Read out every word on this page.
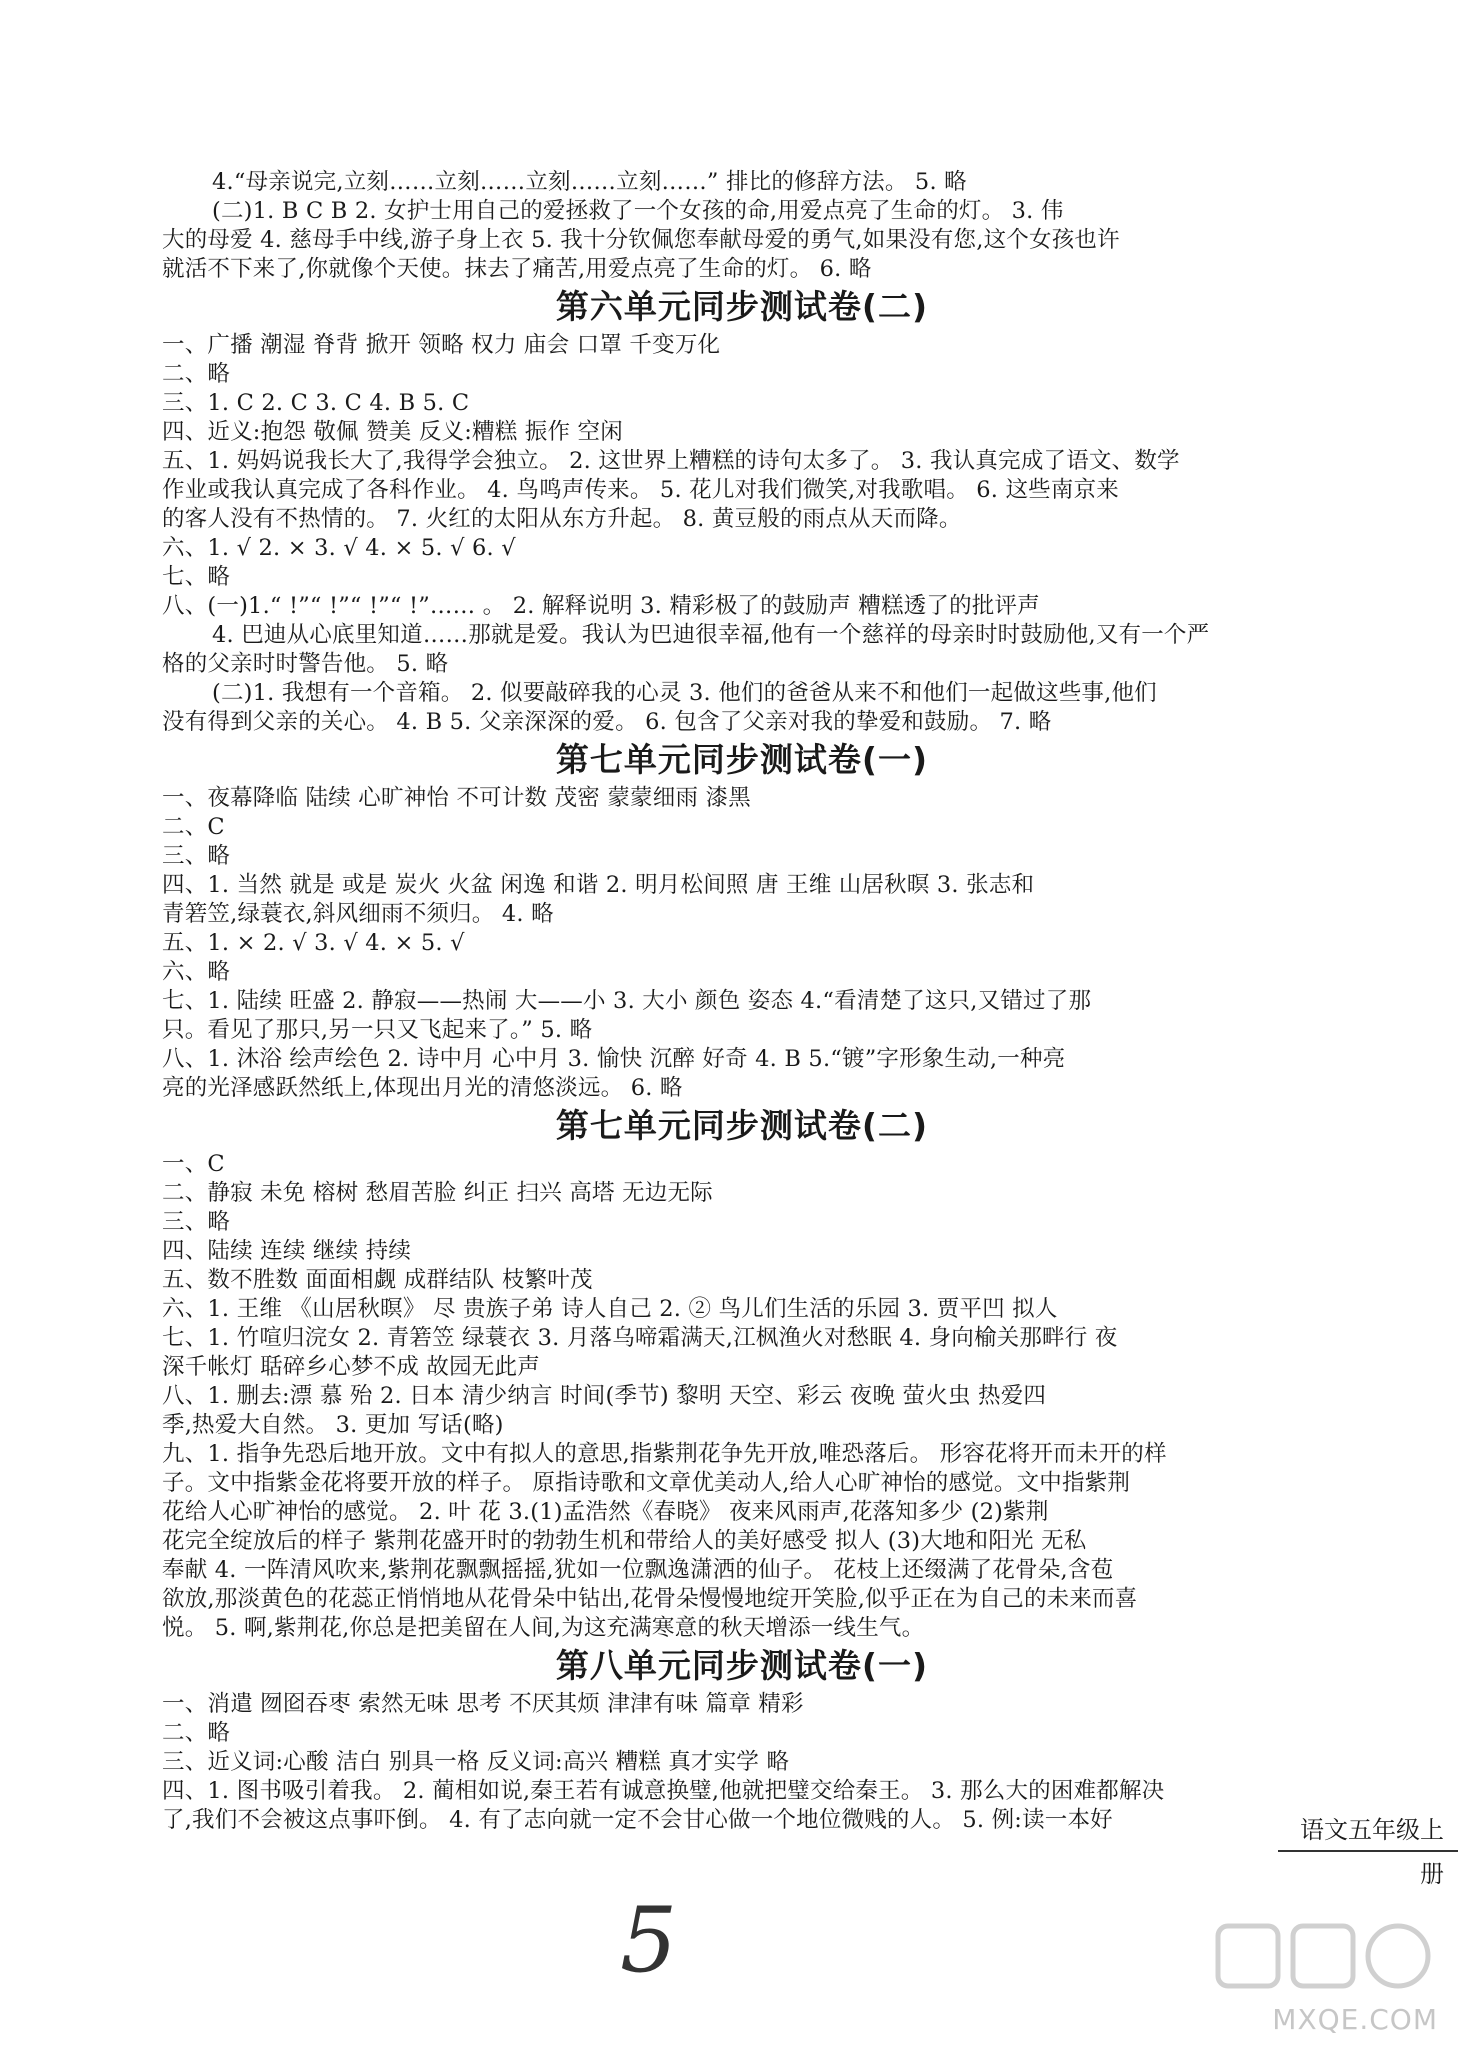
4.“母亲说完,立刻……立刻……立刻……立刻……” 排比的修辞方法。 5. 略
(二)1. B C B 2. 女护士用自己的爱拯救了一个女孩的命,用爱点亮了生命的灯。 3. 伟
大的母爱 4. 慈母手中线,游子身上衣 5. 我十分钦佩您奉献母爱的勇气,如果没有您,这个女孩也许
就活不下来了,你就像个天使。抹去了痛苦,用爱点亮了生命的灯。 6. 略
第六单元同步测试卷(二)
一、广播 潮湿 脊背 掀开 领略 权力 庙会 口罩 千变万化
二、略
三、1. C 2. C 3. C 4. B 5. C
四、近义:抱怨 敬佩 赞美 反义:糟糕 振作 空闲
五、1. 妈妈说我长大了,我得学会独立。 2. 这世界上糟糕的诗句太多了。 3. 我认真完成了语文、数学
作业或我认真完成了各科作业。 4. 鸟鸣声传来。 5. 花儿对我们微笑,对我歌唱。 6. 这些南京来
的客人没有不热情的。 7. 火红的太阳从东方升起。 8. 黄豆般的雨点从天而降。
六、1. √ 2. × 3. √ 4. × 5. √ 6. √
七、略
八、(一)1.“ !”“ !”“ !”“ !”…… 。 2. 解释说明 3. 精彩极了的鼓励声 糟糕透了的批评声
4. 巴迪从心底里知道……那就是爱。我认为巴迪很幸福,他有一个慈祥的母亲时时鼓励他,又有一个严
格的父亲时时警告他。 5. 略
(二)1. 我想有一个音箱。 2. 似要敲碎我的心灵 3. 他们的爸爸从来不和他们一起做这些事,他们
没有得到父亲的关心。 4. B 5. 父亲深深的爱。 6. 包含了父亲对我的挚爱和鼓励。 7. 略
第七单元同步测试卷(一)
一、夜幕降临 陆续 心旷神怡 不可计数 茂密 蒙蒙细雨 漆黑
二、C
三、略
四、1. 当然 就是 或是 炭火 火盆 闲逸 和谐 2. 明月松间照 唐 王维 山居秋暝 3. 张志和
青箬笠,绿蓑衣,斜风细雨不须归。 4. 略
五、1. × 2. √ 3. √ 4. × 5. √
六、略
七、1. 陆续 旺盛 2. 静寂——热闹 大——小 3. 大小 颜色 姿态 4.“看清楚了这只,又错过了那
只。看见了那只,另一只又飞起来了。” 5. 略
八、1. 沐浴 绘声绘色 2. 诗中月 心中月 3. 愉快 沉醉 好奇 4. B 5.“镀”字形象生动,一种亮
亮的光泽感跃然纸上,体现出月光的清悠淡远。 6. 略
第七单元同步测试卷(二)
一、C
二、静寂 未免 榕树 愁眉苦脸 纠正 扫兴 高塔 无边无际
三、略
四、陆续 连续 继续 持续
五、数不胜数 面面相觑 成群结队 枝繁叶茂
六、1. 王维 《山居秋暝》 尽 贵族子弟 诗人自己 2. ② 鸟儿们生活的乐园 3. 贾平凹 拟人
七、1. 竹喧归浣女 2. 青箬笠 绿蓑衣 3. 月落乌啼霜满天,江枫渔火对愁眠 4. 身向榆关那畔行 夜
深千帐灯 聒碎乡心梦不成 故园无此声
八、1. 删去:漂 慕 殆 2. 日本 清少纳言 时间(季节) 黎明 天空、彩云 夜晚 萤火虫 热爱四
季,热爱大自然。 3. 更加 写话(略)
九、1. 指争先恐后地开放。文中有拟人的意思,指紫荆花争先开放,唯恐落后。 形容花将开而未开的样
子。文中指紫金花将要开放的样子。 原指诗歌和文章优美动人,给人心旷神怡的感觉。文中指紫荆
花给人心旷神怡的感觉。 2. 叶 花 3.(1)孟浩然《春晓》 夜来风雨声,花落知多少 (2)紫荆
花完全绽放后的样子 紫荆花盛开时的勃勃生机和带给人的美好感受 拟人 (3)大地和阳光 无私
奉献 4. 一阵清风吹来,紫荆花飘飘摇摇,犹如一位飘逸潇洒的仙子。 花枝上还缀满了花骨朵,含苞
欲放,那淡黄色的花蕊正悄悄地从花骨朵中钻出,花骨朵慢慢地绽开笑脸,似乎正在为自己的未来而喜
悦。 5. 啊,紫荆花,你总是把美留在人间,为这充满寒意的秋天增添一线生气。
第八单元同步测试卷(一)
一、消遣 囫囵吞枣 索然无味 思考 不厌其烦 津津有味 篇章 精彩
二、略
三、近义词:心酸 洁白 别具一格 反义词:高兴 糟糕 真才实学 略
四、1. 图书吸引着我。 2. 蔺相如说,秦王若有诚意换璧,他就把璧交给秦王。 3. 那么大的困难都解决
了,我们不会被这点事吓倒。 4. 有了志向就一定不会甘心做一个地位微贱的人。 5. 例:读一本好	语文五年级上册
5
MXQE.COM
